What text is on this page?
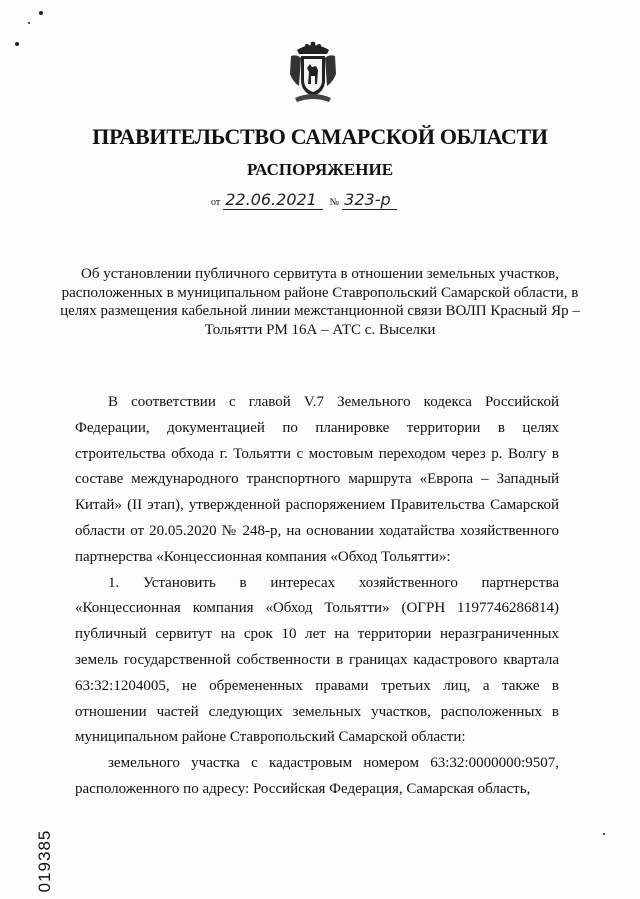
ПРАВИТЕЛЬСТВО САМАРСКОЙ ОБЛАСТИ
РАСПОРЯЖЕНИЕ
от 22.06.2021 № 323-р
Об установлении публичного сервитута в отношении земельных участков, расположенных в муниципальном районе Ставропольский Самарской области, в целях размещения кабельной линии межстанционной связи ВОЛП Красный Яр – Тольятти РМ 16А – АТС с. Выселки

В соответствии с главой V.7 Земельного кодекса Российской Федерации, документацией по планировке территории в целях строительства обхода г. Тольятти с мостовым переходом через р. Волгу в составе международного транспортного маршрута «Европа – Западный Китай» (II этап), утвержденной распоряжением Правительства Самарской области от 20.05.2020 № 248-р, на основании ходатайства хозяйственного партнерства «Концессионная компания «Обход Тольятти»:

1. Установить в интересах хозяйственного партнерства «Концессионная компания «Обход Тольятти» (ОГРН 1197746286814) публичный сервитут на срок 10 лет на территории неразграниченных земель государственной собственности в границах кадастрового квартала 63:32:1204005, не обремененных правами третьих лиц, а также в отношении частей следующих земельных участков, расположенных в муниципальном районе Ставропольский Самарской области:

земельного участка с кадастровым номером 63:32:0000000:9507, расположенного по адресу: Российская Федерация, Самарская область,

019385
